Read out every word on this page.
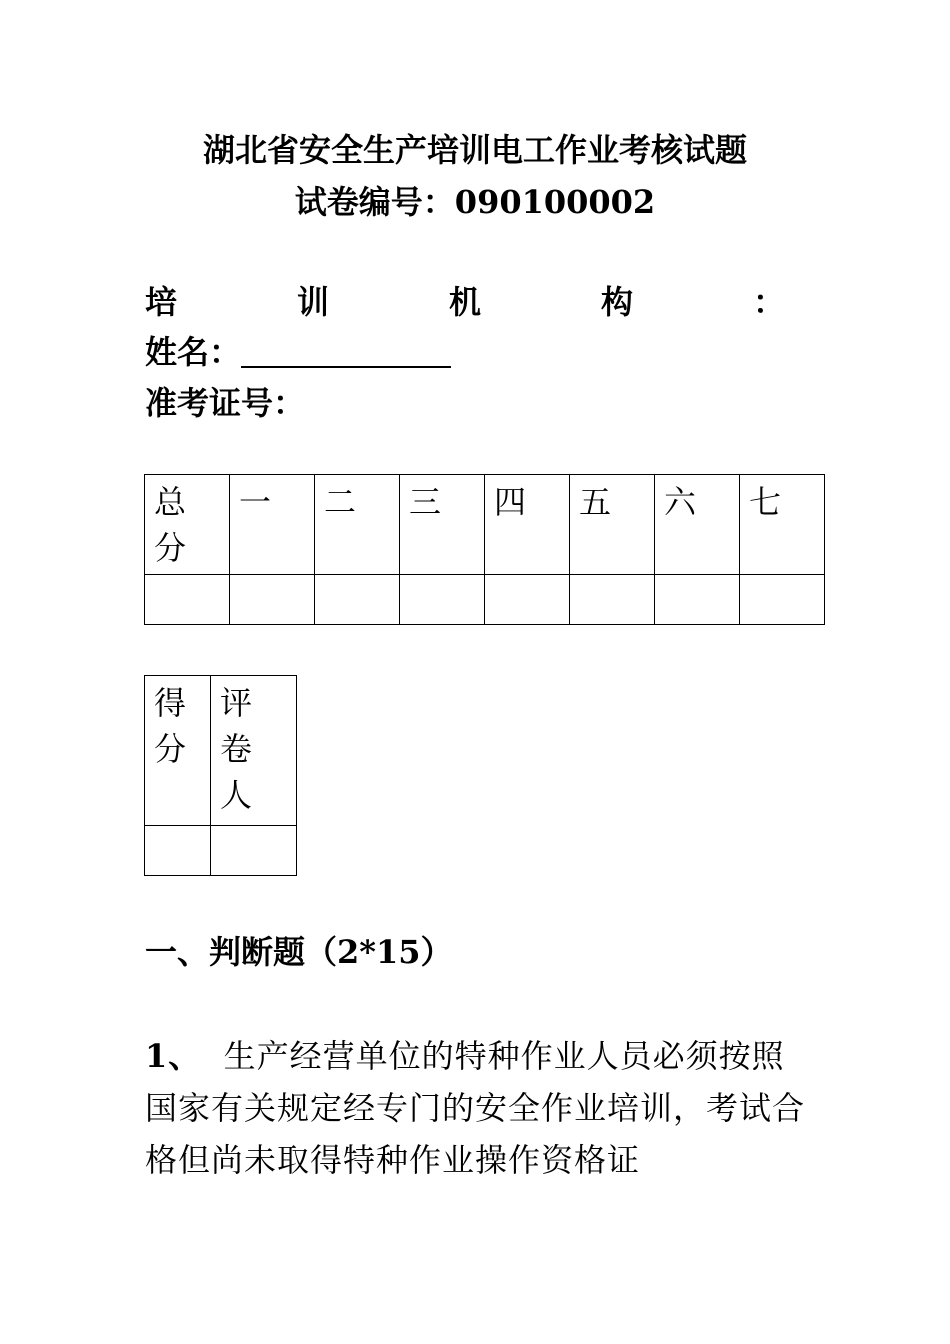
湖北省安全生产培训电工作业考核试题
试卷编号：090100002
培	训	机	构	：
姓名：
准考证号：
总分	一	二	三	四	五	六	七

得分	评卷人

一、判断题（2*15）
1、 生产经营单位的特种作业人员必须按照国家有关规定经专门的安全作业培训，考试合格但尚未取得特种作业操作资格证
